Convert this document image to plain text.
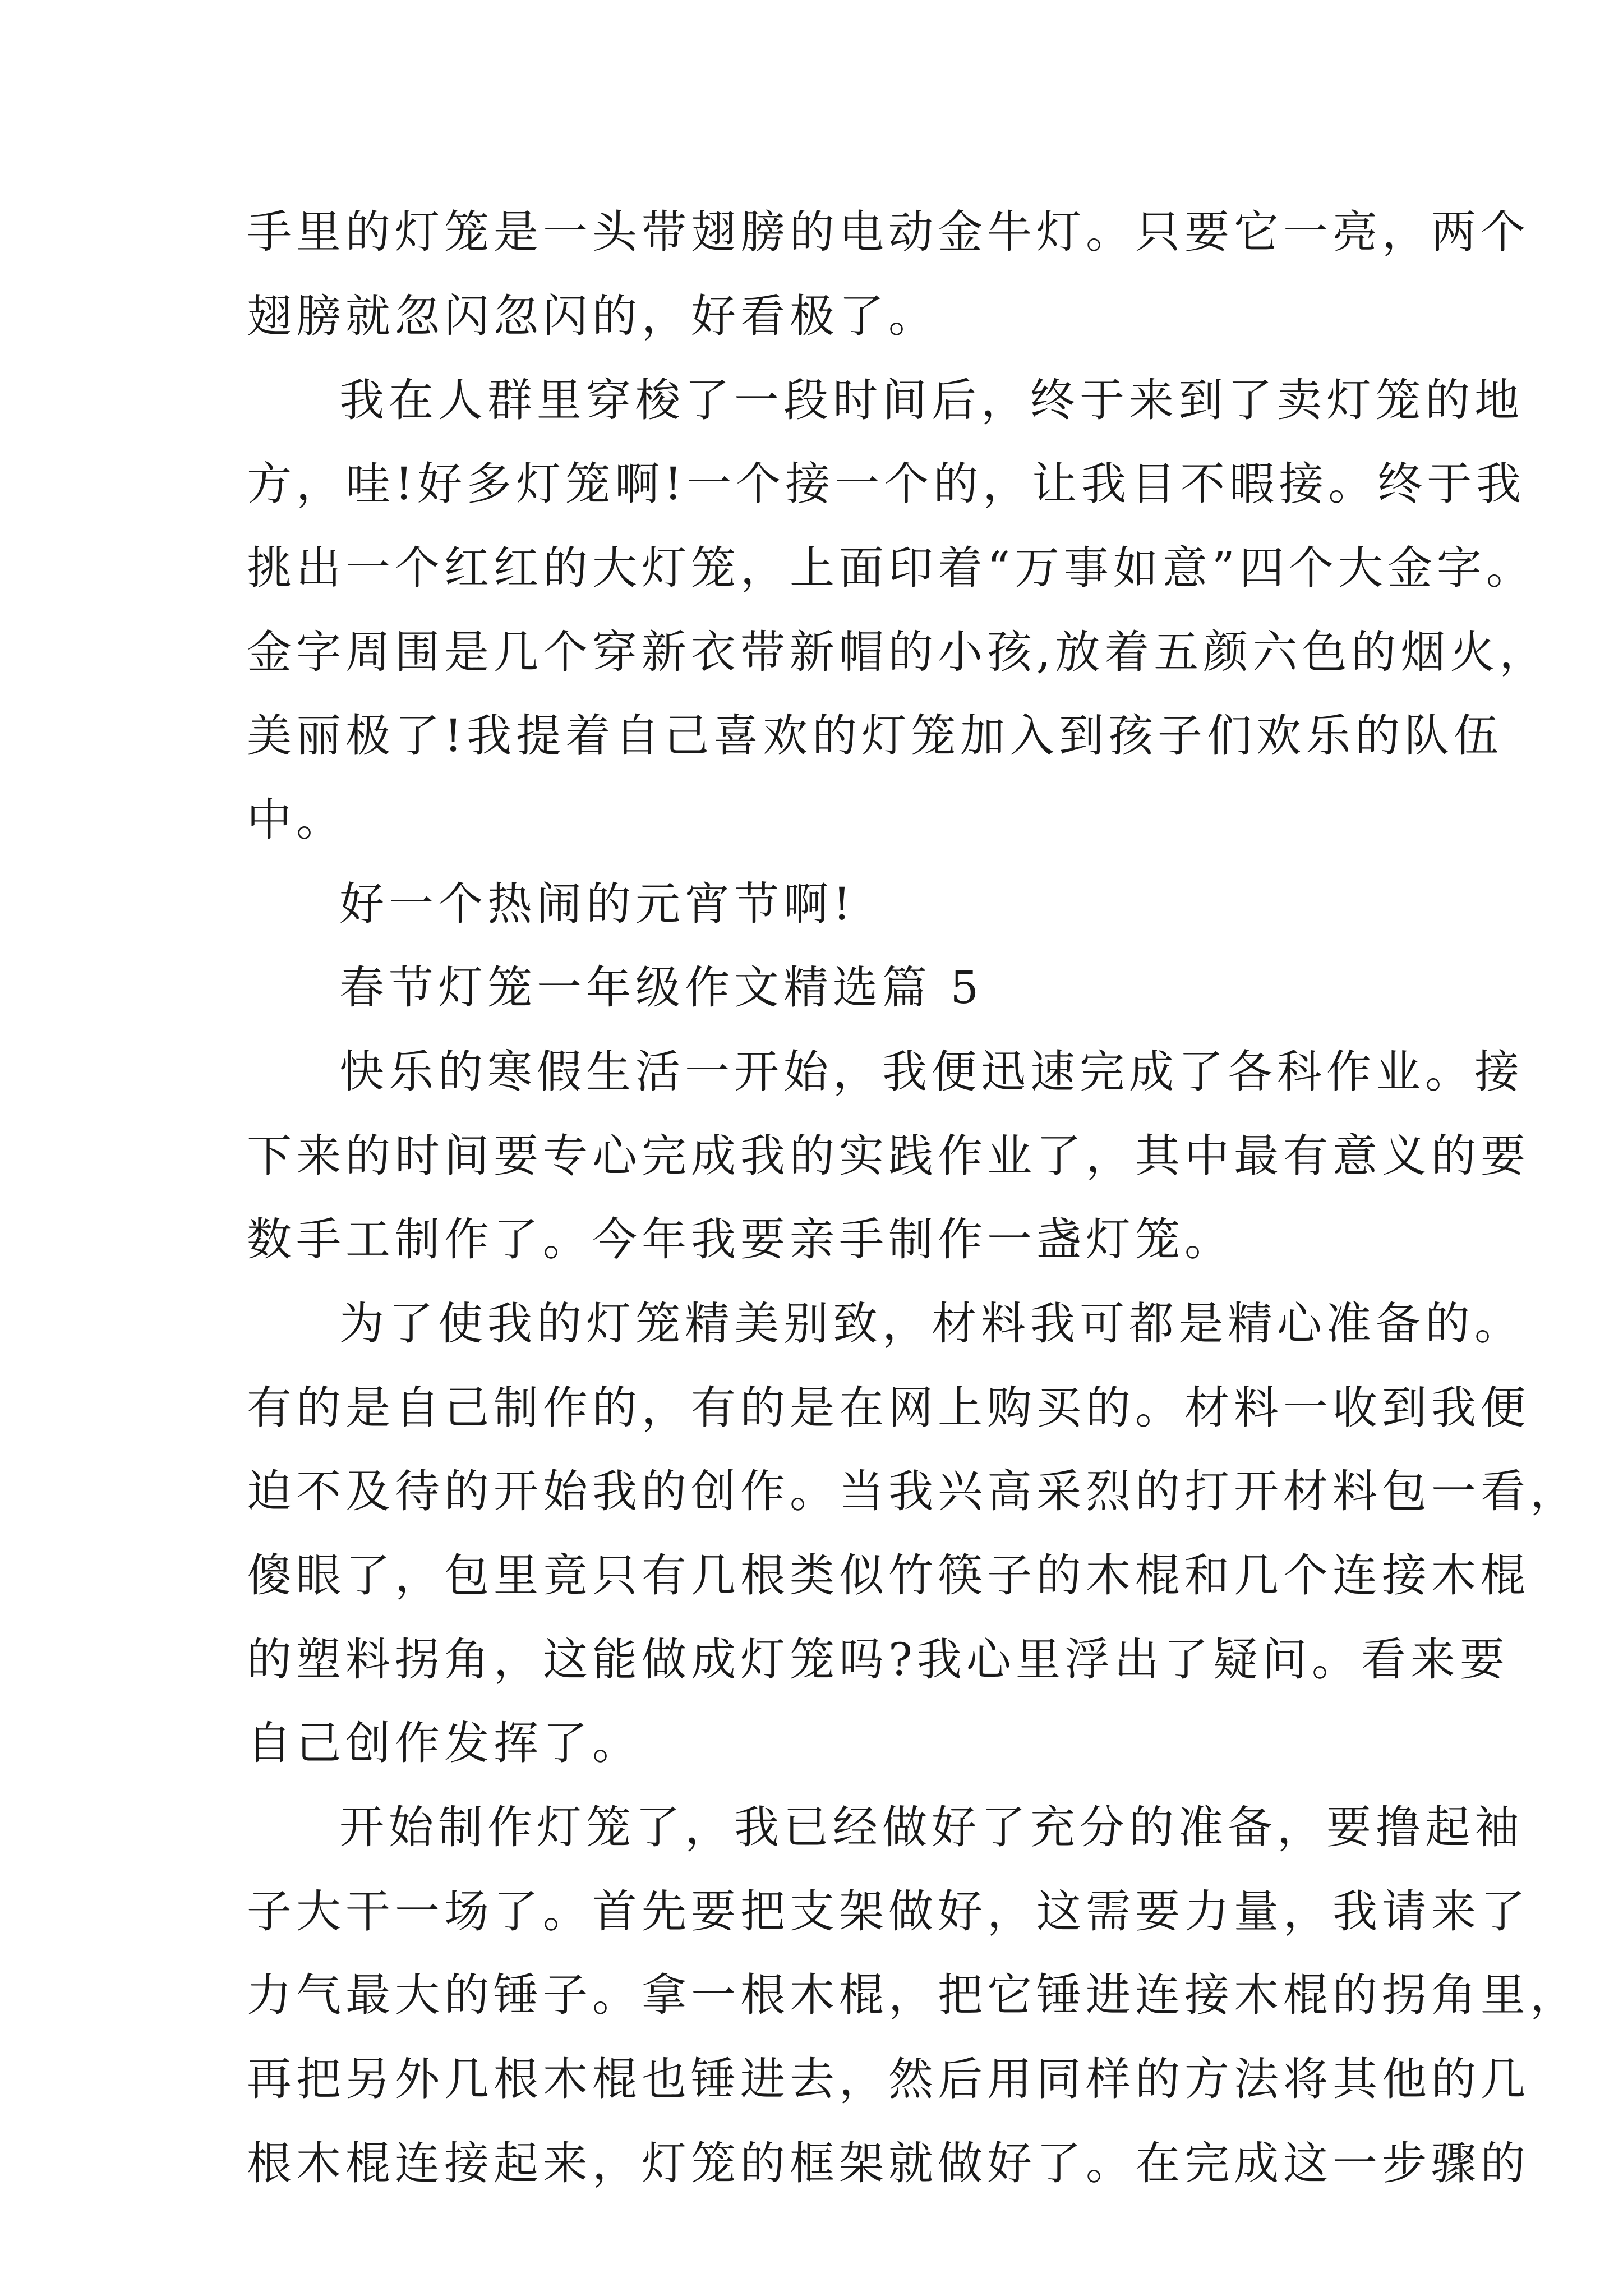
手里的灯笼是一头带翅膀的电动金牛灯。只要它一亮，两个
翅膀就忽闪忽闪的，好看极了。
我在人群里穿梭了一段时间后，终于来到了卖灯笼的地
方，哇!好多灯笼啊!一个接一个的，让我目不暇接。终于我
挑出一个红红的大灯笼，上面印着“万事如意”四个大金字。
金字周围是几个穿新衣带新帽的小孩,放着五颜六色的烟火，
美丽极了!我提着自己喜欢的灯笼加入到孩子们欢乐的队伍
中。
好一个热闹的元宵节啊!
春节灯笼一年级作文精选篇 5
快乐的寒假生活一开始，我便迅速完成了各科作业。接
下来的时间要专心完成我的实践作业了，其中最有意义的要
数手工制作了。今年我要亲手制作一盏灯笼。
为了使我的灯笼精美别致，材料我可都是精心准备的。
有的是自己制作的，有的是在网上购买的。材料一收到我便
迫不及待的开始我的创作。当我兴高采烈的打开材料包一看，
傻眼了，包里竟只有几根类似竹筷子的木棍和几个连接木棍
的塑料拐角，这能做成灯笼吗?我心里浮出了疑问。看来要
自己创作发挥了。
开始制作灯笼了，我已经做好了充分的准备，要撸起袖
子大干一场了。首先要把支架做好，这需要力量，我请来了
力气最大的锤子。拿一根木棍，把它锤进连接木棍的拐角里，
再把另外几根木棍也锤进去，然后用同样的方法将其他的几
根木棍连接起来，灯笼的框架就做好了。在完成这一步骤的
